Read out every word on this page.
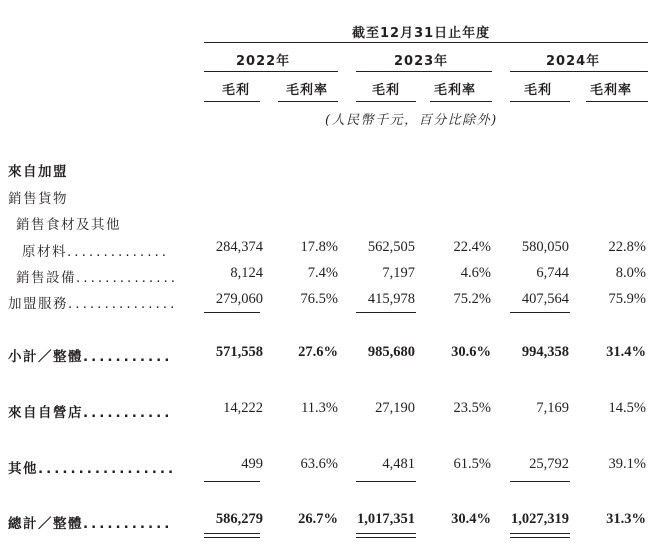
截至12月31日止年度
2022年	2023年	2024年
毛利	毛利率	毛利	毛利率	毛利	毛利率
(人民幣千元，百分比除外)
來自加盟
銷售貨物
銷售食材及其他
原材料..............	284,374	17.8% 562,505	22.4% 580,050	22.8%
銷售設備..............	8,124	7.4%	7,197	4.6%	6,744	8.0%
加盟服務...............	279,060	76.5% 415,978	75.2% 407,564	75.9%
小計／整體...........	571,558 27.6% 985,680 30.6% 994,358	31.4%
來自自營店...........	14,222	11.3%	27,190	23.5%	7,169	14.5%
其他.................	499	63.6%	4,481	61.5%	25,792	39.1%
總計／整體...........	586,279 26.7% 1,017,351 30.4% 1,027,319	31.3%
